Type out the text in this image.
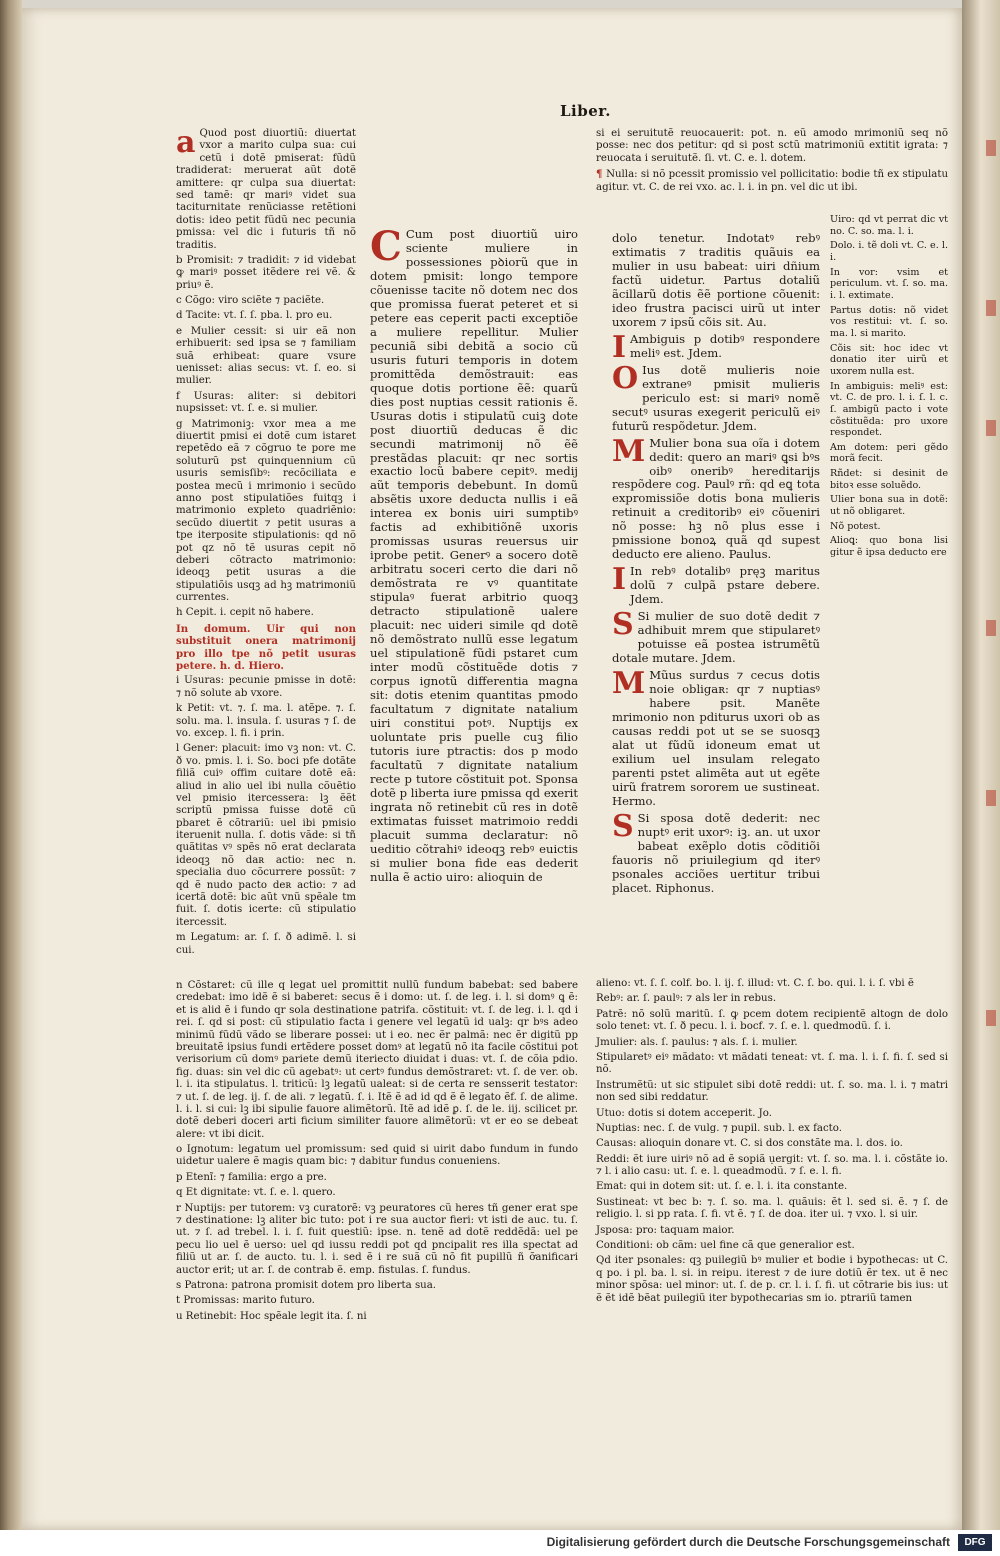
Liber.

a Quod post diuortiũ: diuertat vxor a marito culpa sua: cui cetũ i dotẽ pmiserat: fũdũ tradiderat: meruerat aũt dotẽ amittere: qr culpa sua diuertat: sed tamẽ: qr mariꝰ videt sua taciturnitate renũciasse retẽtioni dotis: ideo petit fũdũ nec pecunia pmissa: vel dic i futuris tñ nõ traditis.

b Promisit: ⁊ tradidit: ⁊ id videbat ꝙ mariꝰ posset itẽdere rei vẽ. & priuꝰ ẽ.

c Cõgo: viro sciẽte ⁊ paciẽte.

d Tacite: vt. ſ. ſ. pba. l. pro eu.

e Mulier cessit: si uir eã non erhibuerit: sed ipsa se ⁊ familiam suã erhibeat: quare vsure uenisset: alias secus: vt. ſ. eo. si mulier.

f Usuras: aliter: si debitori nupsisset: vt. ſ. e. si mulier.

g Matrimoniꝫ: vxor mea a me diuertit pmisi ei dotẽ cum istaret repetẽdo eã ⁊ cõgruo te pore me soluturũ pst quinquennium cũ usuris semisſibꝰ: recõciliata e postea mecũ i mrimonio i secũdo anno post stipulatiões fuitqꝫ i matrimonio expleto quadriẽnio: secũdo diuertit ⁊ petit usuras a tpe iterposite stipulationis: qd nõ pot qz nõ tẽ usuras cepit nõ deberi cõtracto matrimonio: ideoqꝫ petit usuras a die stipulatiõis usqꝫ ad hꝫ matrimoniũ currentes.

h Cepit. i. cepit nõ habere.

In domum. Uir qui non substituit onera matrimonij pro illo tpe nõ petit usuras petere. h. d. Hiero.

i Usuras: pecunie pmisse in dotẽ: ⁊ nõ solute ab vxore.

k Petit: vt. ⁊. ſ. ma. l. atẽpe. ⁊. ſ. solu. ma. l. insula. ſ. usuras ⁊ ſ. de vo. excep. l. fi. i prin.

l Gener: placuit: imo vꝫ non: vt. C. ð vo. pmis. l. i. So. boci pfe dotãte filiã cuiꝰ offim cuitare dotẽ eã: aliud in alio uel ibi nulla cõuẽtio vel pmisio itercessera: lꝫ ẽẽt scriptũ pmissa fuisse dotẽ cũ pbaret ẽ cõtrariũ: uel ibi pmisio iteruenit nulla. ſ. dotis vãde: si tñ quãtitas vꝰ spẽs nõ erat declarata ideoqꝫ nõ daʀ actio: nec n. specialia duo cõcurrere possũt: ⁊ qd ẽ nudo pacto deʀ actio: ⁊ ad icertã dotẽ: bic aũt vnũ spẽale tm fuit. ſ. dotis icerte: cũ stipulatio itercessit.

m Legatum: ar. ſ. ſ. ð adimẽ. l. si cui.

C Cum post diuortiũ uiro sciente muliere in possessiones pꝺiorũ que in dotem pmisit: longo tempore cõuenisse tacite nõ dotem nec dos que promissa fuerat peteret et si petere eas ceperit pacti exceptiõe a muliere repellitur. Mulier pecuniã sibi debitã a socio cũ usuris futuri temporis in dotem promittẽda demõstrauit: eas quoque dotis portione ẽẽ: quarũ dies post nuptias cessit rationis ẽ. Usuras dotis i stipulatũ cuiꝫ dote post diuortiũ deducas ẽ dic secundi matrimonij nõ ẽẽ prestãdas placuit: qr nec sortis exactio locũ babere cepitꝰ. medij aũt temporis debebunt. In domũ absẽtis uxore deducta nullis i eã interea ex bonis uiri sumptibꝰ factis ad exhibitiõnẽ uxoris promissas usuras reuersus uir iprobe petit. Generꝰ a socero dotẽ arbitratu soceri certo die dari nõ demõstrata re vꝰ quantitate stipulaꝰ fuerat arbitrio quoqꝫ detracto stipulationẽ ualere placuit: nec uideri simile qd dotẽ nõ demõstrato nullũ esse legatum uel stipulationẽ fũdi pstaret cum inter modũ cõstituẽde dotis ⁊ corpus ignotũ differentia magna sit: dotis etenim quantitas pmodo facultatum ⁊ dignitate natalium uiri constitui potꝰ. Nuptijs ex uoluntate pris puelle cuꝫ filio tutoris iure ptractis: dos p modo facultatũ ⁊ dignitate natalium recte p tutore cõstituit pot. Sponsa dotẽ p liberta iure pmissa qd exerit ingrata nõ retinebit cũ res in dotẽ extimatas fuisset matrimoio reddi placuit summa declaratur: nõ ueditio cõtrahiꝰ ideoqꝫ rebꝰ euictis si mulier bona fide eas dederit nulla ẽ actio uiro: alioquin de

si ei seruitutẽ reuocauerit: pot. n. eũ amodo mrimoniũ seq nõ posse: nec dos petitur: qd si post sctũ matrimoniũ extitit igrata: ⁊ reuocata i seruitutẽ. ſi. vt. C. e. l. dotem.

¶ Nulla: si nõ pcessit promissio vel pollicitatio: bodie tñ ex stipulatu agitur. vt. C. de rei vxo. ac. l. i. in pn. vel dic ut ibi.

dolo tenetur. Indotatꝰ rebꝰ extimatis ⁊ traditis quãuis ea mulier in usu babeat: uiri dñium factũ uidetur. Partus dotaliũ ãcillarũ dotis ẽẽ portione cõuenit: ideo frustra pacisci uirũ ut inter uxorem ⁊ ipsũ cõis sit. Au.

I Ambiguis p dotibꝰ respondere meliꝰ est. Jdem.

O Ius dotẽ mulieris noie extraneꝰ pmisit mulieris periculo est: si mariꝰ nomẽ secutꝰ usuras exegerit periculũ eiꝰ futurũ respõdetur. Jdem.

M Mulier bona sua oĩa i dotem dedit: quero an mariꝰ ꝗsi bꝰs oibꝰ oneribꝰ hereditarijs respõdere cog. Paulꝰ rñ: qd eꝗ tota expromissiõe dotis bona mulieris retinuit a creditoribꝰ eiꝰ cõueniri nõ posse: hꝫ nõ plus esse i pmissione bonoꝝ quã qd supest deducto ere alieno. Paulus.

I In rebꝰ dotalibꝰ pręꝫ maritus dolũ ⁊ culpã pstare debere. Jdem.

S Si mulier de suo dotẽ dedit ⁊ adhibuit mrem que stipularetꝰ potuisse eã postea istrumẽtũ dotale mutare. Jdem.

M Mũus surdus ⁊ cecus dotis noie obligaʀ: qr ⁊ nuptiasꝰ habere psit. Manẽte mrimonio non pditurus uxori ob as causas reddi pot ut se se suosqꝫ alat ut fũdũ idoneum emat ut exilium uel insulam relegato parenti pstet alimẽta aut ut egẽte uirũ fratrem sororem ue sustineat. Hermo.

S Si sposa dotẽ dederit: nec nuptꝰ erit uxorꝰ: iꝫ. an. ut uxor babeat exẽplo dotis cõditiõi fauoris nõ priuilegium qd iterꝰ psonales acciões uertitur tribui placet. Riphonus.

Uiro: qd vt perrat dic vt no. C. so. ma. l. i.

Dolo. i. tẽ doli vt. C. e. l. i.

In vor: vsim et periculum. vt. ſ. so. ma. i. l. extimate.

Partus dotis: nõ videt vos restitui: vt. ſ. so. ma. l. si marito.

Cõis sit: hoc idec vt donatio iter uirũ et uxorem nulla est.

In ambiguis: meliꝰ est: vt. C. de pro. l. i. ſ. l. c. ſ. ambigũ pacto i vote cõstituẽda: pro uxore respondet.

Am dotem: peri gẽdo morã fecit.

Rñdet: si desinit de bitoꝛ esse soluẽdo.

Ulier bona sua in dotẽ: ut nõ obligaret.

Nõ potest.

Alioꝗ: quo bona lisi gitur ẽ ipsa deducto ere

n Cõstaret: cũ ille q legat uel promittit nullũ fundum babebat: sed babere credebat: imo idẽ ẽ si baberet: secus ẽ i domo: ut. ſ. de leg. i. l. si domꝰ ꝗ ẽ: et is alid ẽ i fundo qr sola destinatione patrifa. cõstituit: vt. ſ. de leg. i. l. qd i rei. ſ. qd si post: cũ stipulatio facta i genere vel legatũ id ualꝫ: qr bꝰs adeo minimũ fũdũ vãdo se liberare possei: ut i eo. nec ẽr palmã: nec ẽr digitũ pp breuitatẽ ipsius fundi ertẽdere posset domꝰ at legatũ nõ ita facile cõstitui pot verisorium cũ domꝰ pariete demũ iteriecto diuidat i duas: vt. ſ. de cõia pdio. fig. duas: sin vel dic cũ agebatꝰ: ut certꝰ fundus demõstraret: vt. ſ. de ver. ob. l. i. ita stipulatus. l. triticũ: lꝫ legatũ ualeat: si de certa re sensserit testator: ⁊ ut. ſ. de leg. ij. ſ. de ali. ⁊ legatũ. ſ. i. Itẽ ẽ ad id qd ẽ ẽ legato ẽf. ſ. de alime. l. i. l. si cui: lꝫ ibi sipulie fauore alimẽtorũ. Itẽ ad idẽ ꝑ. ſ. de le. iij. scilicet pr. dotẽ deberi doceri arti ficium similiter fauore alimẽtorũ: vt er eo se debeat alere: vt ibi dicit.

o Ignotum: legatum uel promissum: sed quid si uirit dabo fundum in fundo uidetur ualere ẽ magis quam bic: ⁊ dabitur fundus conueniens.

p Etenĩ: ⁊ familia: ergo a pre.

q Et dignitate: vt. ſ. e. l. quero.

r Nuptijs: per tutorem: vꝫ curatorẽ: vꝫ peuratores cũ heres tñ gener erat spe ⁊ destinatione: lꝫ aliter bic tuto: pot i re sua auctor fieri: vt isti de auc. tu. ſ. ut. ⁊ ſ. ad trebel. l. i. ſ. fuit questiũ: ipse. n. tenẽ ad dotẽ reddẽdã: uel pe pecu lio uel ẽ uerso: uel qd iussu reddi pot qd pncipalit res illa spectat ad filiũ ut ar. ſ. de aucto. tu. l. i. sed ẽ i re suã cũ nõ fit pupillũ ñ ỡanificari auctor erit; ut ar. ſ. de contrab ẽ. emp. fistulas. ſ. fundus.

s Patrona: patrona promisit dotem pro liberta sua.

t Promissas: marito futuro.

u Retinebit: Hoc spẽale legit ita. ſ. ni

alieno: vt. ſ. ſ. colf. bo. l. ij. ſ. illud: vt. C. ſ. bo. qui. l. i. ſ. vbi ẽ

Rebꝰ: ar. ſ. paulꝰ: ⁊ als ler in rebus.

Patrẽ: nõ solũ maritũ. ſ. ꝙ pcem dotem recipientẽ altogn de dolo solo tenet: vt. ſ. ð pecu. l. i. bocf. ⁊. ſ. e. l. quedmodũ. ſ. i.

Jmulier: als. ſ. paulus: ⁊ als. ſ. i. mulier.

Stipularetꝰ eiꝰ mãdato: vt mãdati teneat: vt. ſ. ma. l. i. ſ. fi. ſ. sed si nõ.

Instrumẽtũ: ut sic stipulet sibi dotẽ reddi: ut. ſ. so. ma. l. i. ⁊ matri non sed sibi reddatur.

Utuo: dotis si dotem acceperit. Jo.

Nuptias: nec. ſ. de vulg. ⁊ pupil. sub. l. ex facto.

Causas: alioquin donare vt. C. si dos constãte ma. l. dos. io.

Reddi: ẽt iure uiriꝰ nõ ad ẽ sopiã ụergit: vt. ſ. so. ma. l. i. cõstãte io. ⁊ l. i alio casu: ut. ſ. e. l. queadmodũ. ⁊ ſ. e. l. fi.

Emat: qui in dotem sit: ut. ſ. e. l. i. ita constante.

Sustineat: vt bec b: ⁊. ſ. so. ma. l. quãuis: ẽt l. sed si. ẽ. ⁊ ſ. de religio. l. si pp rata. ſ. fi. vt ẽ. ⁊ ſ. de doa. iter ui. ⁊ vxo. l. si uir.

Jsposa: pro: taquam maior.

Conditioni: ob cãm: uel fine cã que generalior est.

Qd iter psonales: qꝫ puilegiũ bꝰ mulier et bodie i bypothecas: ut C. q po. i pl. ba. l. si. in reipu. iterest ⁊ de iure dotiũ ẽr tex. ut ẽ nec minor spõsa: uel minor: ut. ſ. de p. cr. l. i. ſ. fi. ut cõtrarie bis ius: ut ẽ ẽt idẽ bẽat puilegiũ iter bypothecarias sm io. ptrariũ tamen

Digitalisierung gefördert durch die Deutsche Forschungsgemeinschaft	DFG
